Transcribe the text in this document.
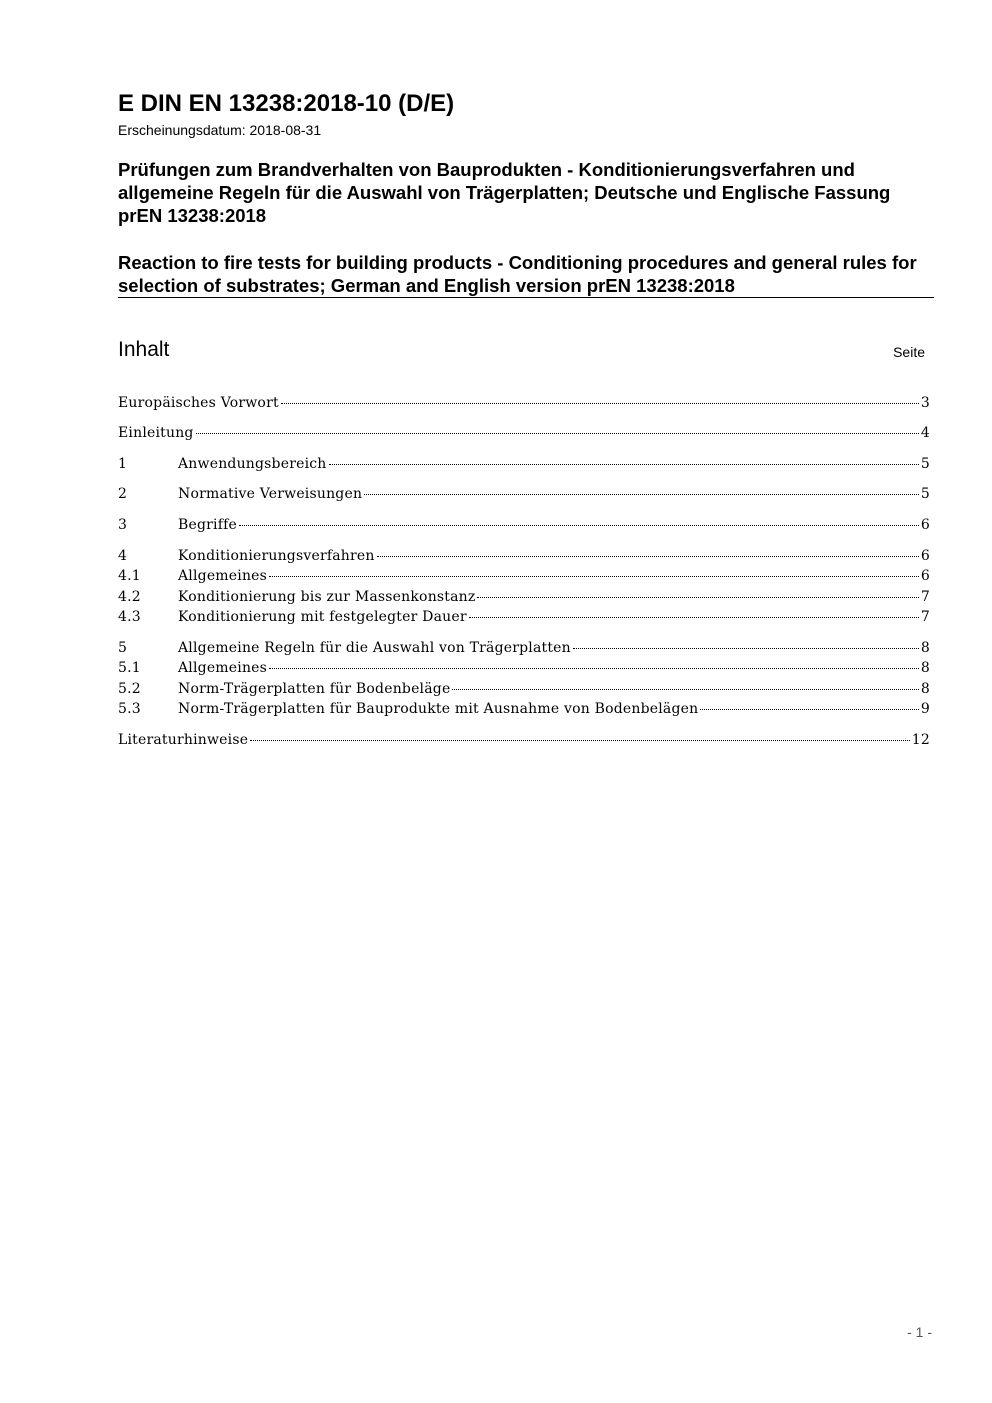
E DIN EN 13238:2018-10 (D/E)
Erscheinungsdatum: 2018-08-31
Prüfungen zum Brandverhalten von Bauprodukten - Konditionierungsverfahren und allgemeine Regeln für die Auswahl von Trägerplatten; Deutsche und Englische Fassung prEN 13238:2018
Reaction to fire tests for building products - Conditioning procedures and general rules for selection of substrates; German and English version prEN 13238:2018
Inhalt	Seite
Europäisches Vorwort	3
Einleitung	4
1	Anwendungsbereich	5
2	Normative Verweisungen	5
3	Begriffe	6
4	Konditionierungsverfahren	6
4.1	Allgemeines	6
4.2	Konditionierung bis zur Massenkonstanz	7
4.3	Konditionierung mit festgelegter Dauer	7
5	Allgemeine Regeln für die Auswahl von Trägerplatten	8
5.1	Allgemeines	8
5.2	Norm-Trägerplatten für Bodenbeläge	8
5.3	Norm-Trägerplatten für Bauprodukte mit Ausnahme von Bodenbelägen	9
Literaturhinweise	12
- 1 -
